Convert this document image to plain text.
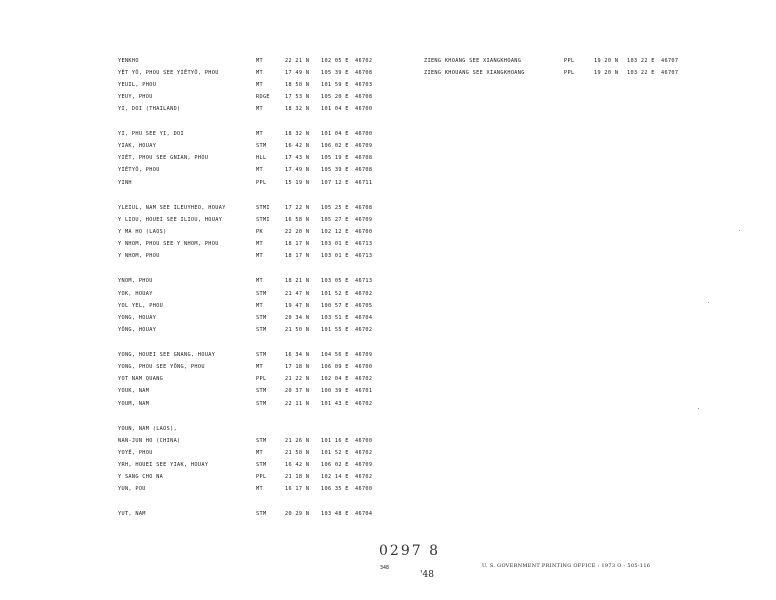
YENKHO	MT	22 21 N 102 05 E 46702
YÊT YÔ, PHOU SEE YIÊTYÔ, PHOU	MT	17 49 N 105 39 E 46708
YEUIL, PHOU	MT	18 50 N 101 59 E 46703
YEUY, PHOU	RDGE	17 53 N 105 20 E 46708
YI, DOI (THAILAND)	MT	18 32 N 101 04 E 46700
YI, PHU SEE YI, DOI	MT	18 32 N 101 04 E 46700
YIAK, HOUAY	STM	16 42 N 106 02 E 46709
YIÊT, PHOU SEE GNIAN, PHOU	HLL	17 43 N 105 19 E 46708
YIÊTYÔ, PHOU	MT	17 49 N 105 39 E 46708
YINH	PPL	15 19 N 107 12 E 46711
YLEIUL, NAM SEE ILEUYHEO, HOUAY	STMI	17 22 N 105 25 E 46708
Y LIOU, HOUEI SEE ILIOU, HOUAY	STMI	16 58 N 105 27 E 46709
Y MA HO (LAOS)	PK	22 20 N 102 12 E 46700
Y NHOM, PHOU SEE Y NHOM, PHOU	MT	18 17 N 103 01 E 46713
Y NHOM, PHOU	MT	18 17 N 103 01 E 46713
YNOM, PHOU	MT	18 21 N 103 05 E 46713
YOK, HOUAY	STM	21 47 N 101 52 E 46702
YOL YEL, PHOU	MT	19 47 N 100 57 E 46705
YONG, HOUAY	STM	20 34 N 103 51 E 46704
YÔNG, HOUAY	STM	21 50 N 101 55 E 46702
YONG, HOUEI SEE GNANG, HOUAY	STM	16 34 N 104 56 E 46709
YONG, PHOU SEE YÔNG, PHOU	MT	17 18 N 106 09 E 46700
YOT NAM QUANG	PPL	21 22 N 102 04 E 46702
YOUK, NAM	STM	20 37 N 100 39 E 46701
YOUM, NAM	STM	22 11 N 101 43 E 46702
YOUN, NAM (LAOS),
NAN-JUN HO (CHINA)	STM	21 26 N 101 16 E 46700
YOYÊ, PHOU	MT	21 50 N 101 52 E 46702
YRH, HOUEI SEE YIAK, HOUAY	STM	16 42 N 106 02 E 46709
Y SANG CHO NA	PPL	21 18 N 102 14 E 46702
YUN, POU	MT	16 17 N 106 35 E 46700
YUT, NAM	STM	20 29 N 103 48 E 46704
ZIENG KHOANG SEE XIANGKHOANG	PPL	19 20 N 103 22 E 46707
ZIENG KHOUANG SEE XIANGKHOANG	PPL	19 20 N 103 22 E 46707
0297 8
348	U. S. GOVERNMENT PRINTING OFFICE : 1973 O - 505-116
'48
